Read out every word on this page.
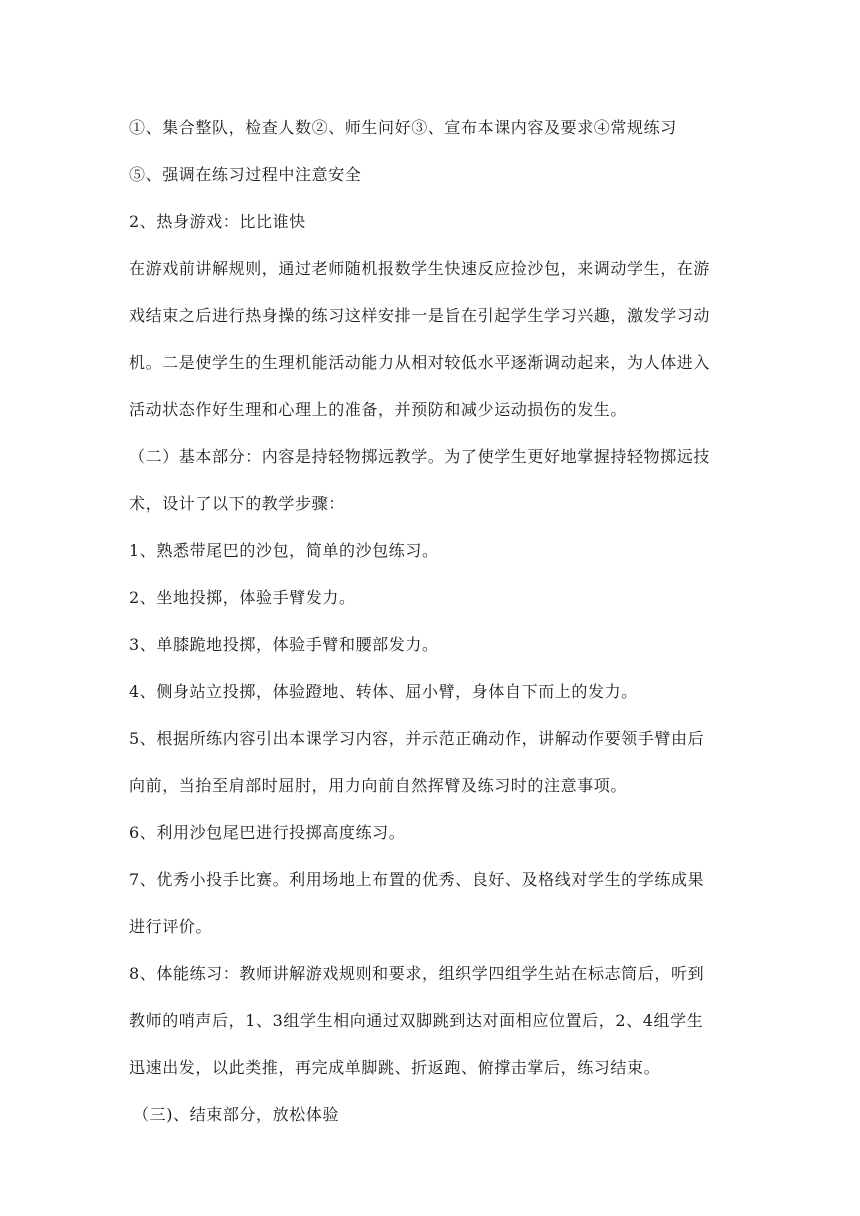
①、集合整队，检查人数②、师生问好③、宣布本课内容及要求④常规练习
⑤、强调在练习过程中注意安全
2、热身游戏：比比谁快
在游戏前讲解规则，通过老师随机报数学生快速反应捡沙包，来调动学生，在游
戏结束之后进行热身操的练习这样安排一是旨在引起学生学习兴趣，激发学习动
机。二是使学生的生理机能活动能力从相对较低水平逐渐调动起来，为人体进入
活动状态作好生理和心理上的准备，并预防和减少运动损伤的发生。
（二）基本部分：内容是持轻物掷远教学。为了使学生更好地掌握持轻物掷远技
术，设计了以下的教学步骤：
1、熟悉带尾巴的沙包，简单的沙包练习。
2、坐地投掷，体验手臂发力。
3、单膝跪地投掷，体验手臂和腰部发力。
4、侧身站立投掷，体验蹬地、转体、屈小臂，身体自下而上的发力。
5、根据所练内容引出本课学习内容，并示范正确动作，讲解动作要领手臂由后
向前，当抬至肩部时屈肘，用力向前自然挥臂及练习时的注意事项。
6、利用沙包尾巴进行投掷高度练习。
7、优秀小投手比赛。利用场地上布置的优秀、良好、及格线对学生的学练成果
进行评价。
8、体能练习：教师讲解游戏规则和要求，组织学四组学生站在标志筒后，听到
教师的哨声后，1、3组学生相向通过双脚跳到达对面相应位置后，2、4组学生
迅速出发，以此类推，再完成单脚跳、折返跑、俯撑击掌后，练习结束。
（三)、结束部分，放松体验
